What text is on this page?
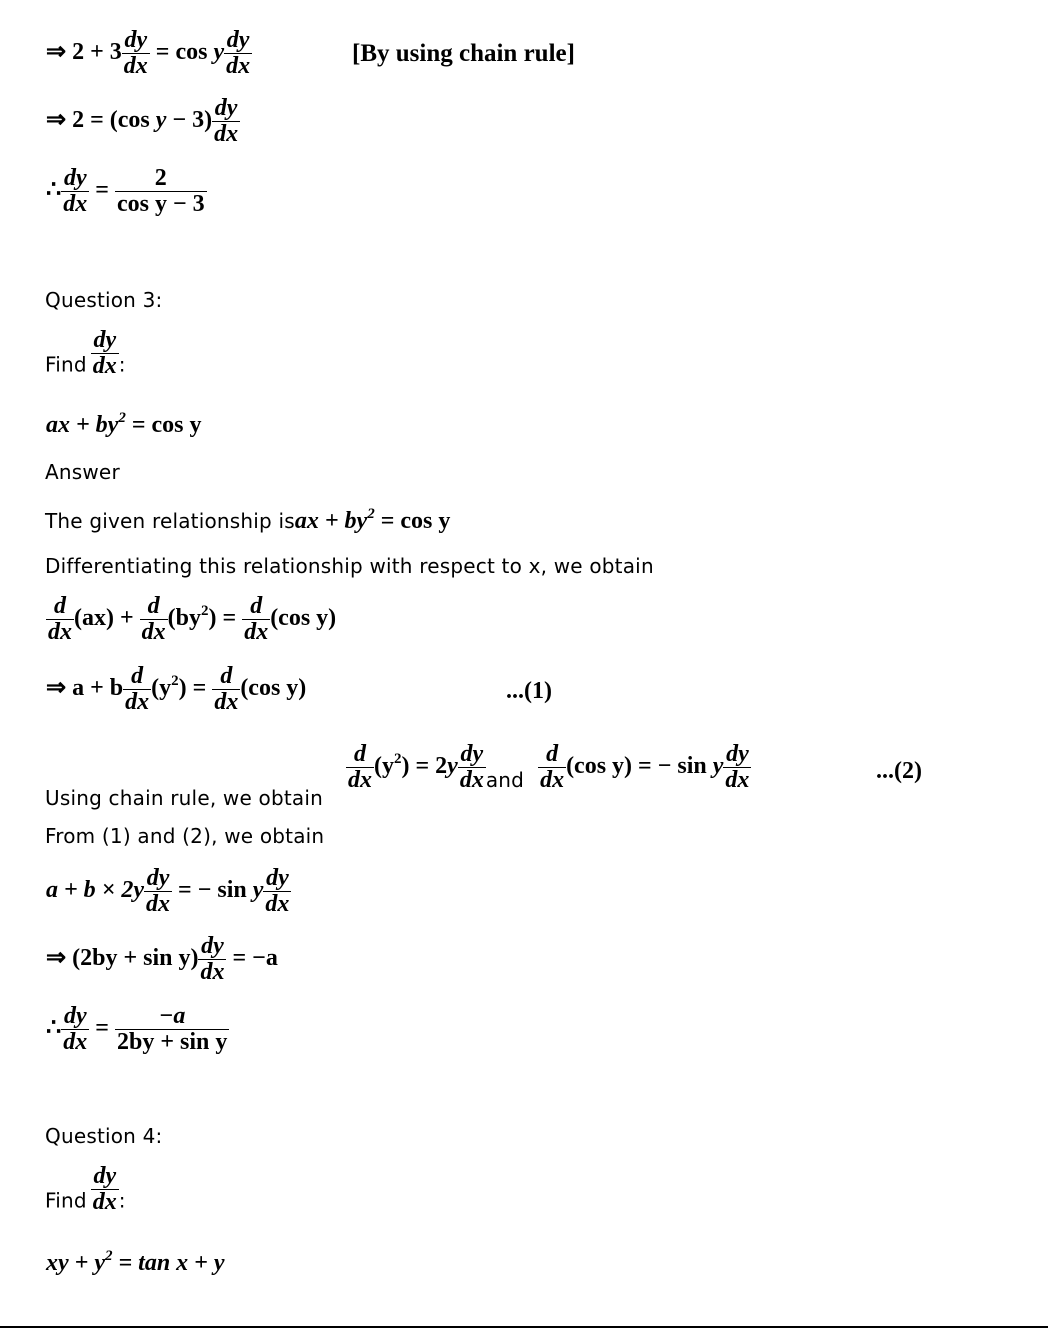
⇒ $2 + 3 \frac{dy}{dx} = \cos y \frac{dy}{dx}$	[By using chain rule]
⇒ 2 = (cos $y - 3) \frac{dy}{dx}$
∴ $\frac{dy}{dx} = \frac{2}{\text{cos y − 3}}$
Question 3:
Find $\frac{dy}{dx}$ :
ax + $by^2 = \cos y$
Answer
The given relationship isax + $by^2 = \cos y$
Differentiating this relationship with respect to x, we obtain
$\frac{d}{dx} (ax) + \frac{d}{dx} (by^2) = \frac{d}{dx} (\cos$ y)
⇒ a + b $\frac{d}{dx} (y^2) = \frac{d}{dx} (\cos$ y)	...(1)
Using chain rule, we obtain
$\frac{d}{dx} (y^2) = 2y \frac{dy}{dx} _{and} \frac{d}{dx} (\cos$ y) = − sin y $\frac{dy}{dx}$	...(2)
From (1) and (2), we obtain
$a + b \times 2y \frac{dy}{dx}$ = − sin y $\frac{dy}{dx}$
⇒ $(2by + \sin y) \frac{dy}{dx} = -a$
∴ $\frac{dy}{dx} = \frac{-a}{\text{2by + sin y}}$
Question 4:
Find $\frac{dy}{dx}$ :
xy + $y^2 = \tan x + y$
